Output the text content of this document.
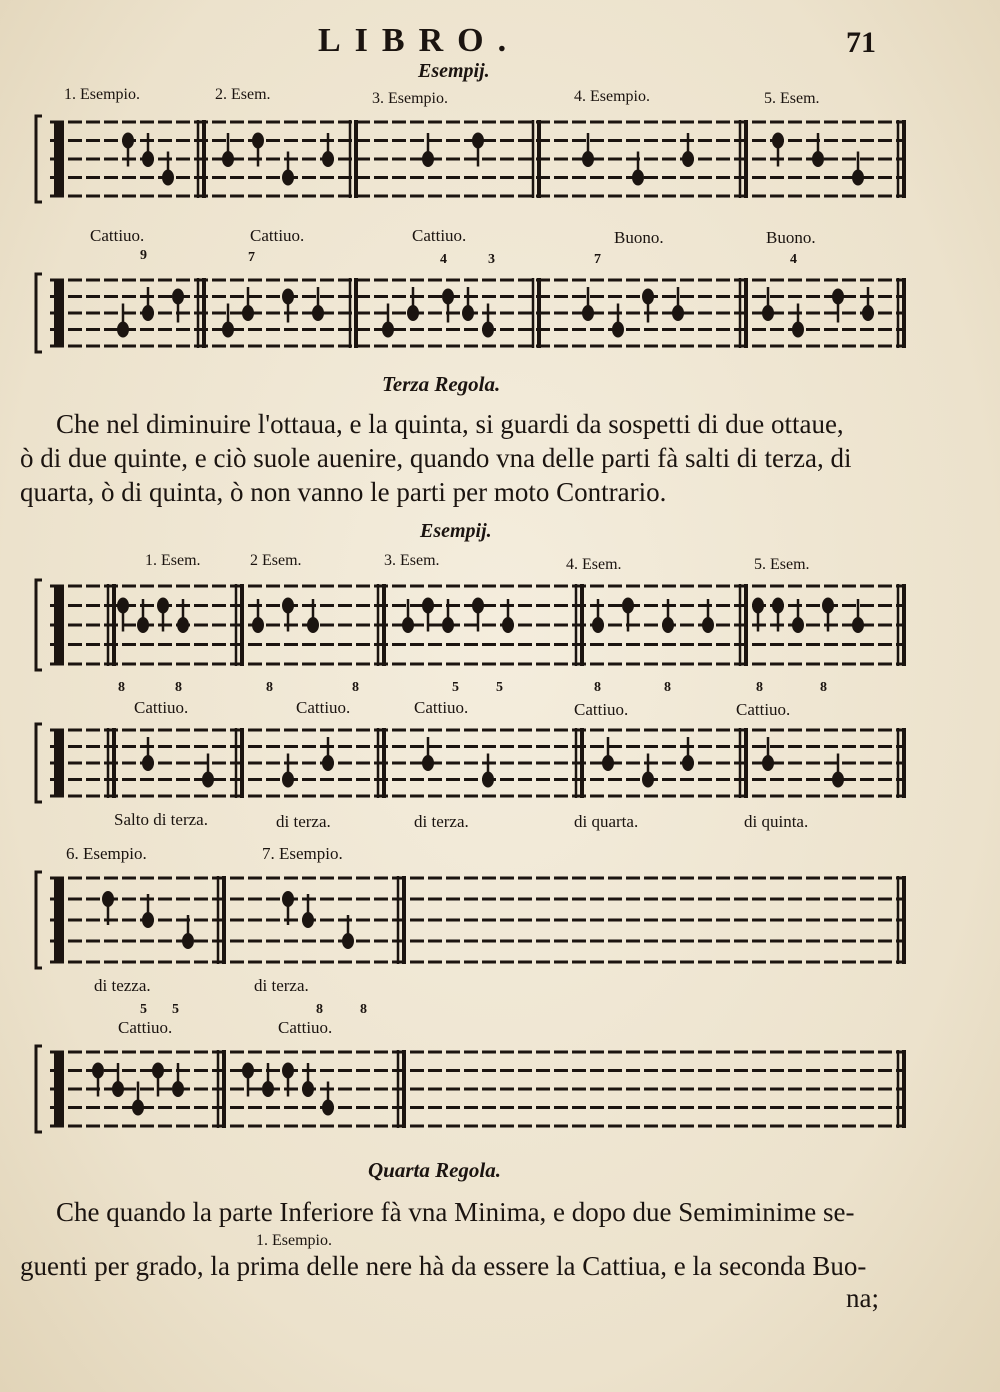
LIBRO.	71
Esempij.
1. Esempio.	2. Esem.	3. Esempio.	4. Esempio.	5. Esem.
Cattiuo.	Cattiuo.	Cattiuo.	Buono.	Buono.
9	7	4	3	7	4
Terza Regola.
Che nel diminuire l'ottaua, e la quinta, si guardi da sospetti di due ottaue,
ò di due quinte, e ciò suole auenire, quando vna delle parti fà salti di terza, di
quarta, ò di quinta, ò non vanno le parti per moto Contrario.
Esempij.
1. Esem.	2 Esem.	3. Esem.	4. Esem.	5. Esem.
8	8	8	8	5	5	8	8	8	8
Cattiuo.	Cattiuo.	Cattiuo.	Cattiuo.	Cattiuo.
Salto di terza.	di terza.	di terza.	di quarta.	di quinta.
6. Esempio.	7. Esempio.
di tezza.	di terza.
5 5	8	8
Cattiuo.	Cattiuo.
Quarta Regola.
Che quando la parte Inferiore fà vna Minima, e dopo due Semiminime se-
1. Esempio.
guenti per grado, la prima delle nere hà da essere la Cattiua, e la seconda Buo-
na;
